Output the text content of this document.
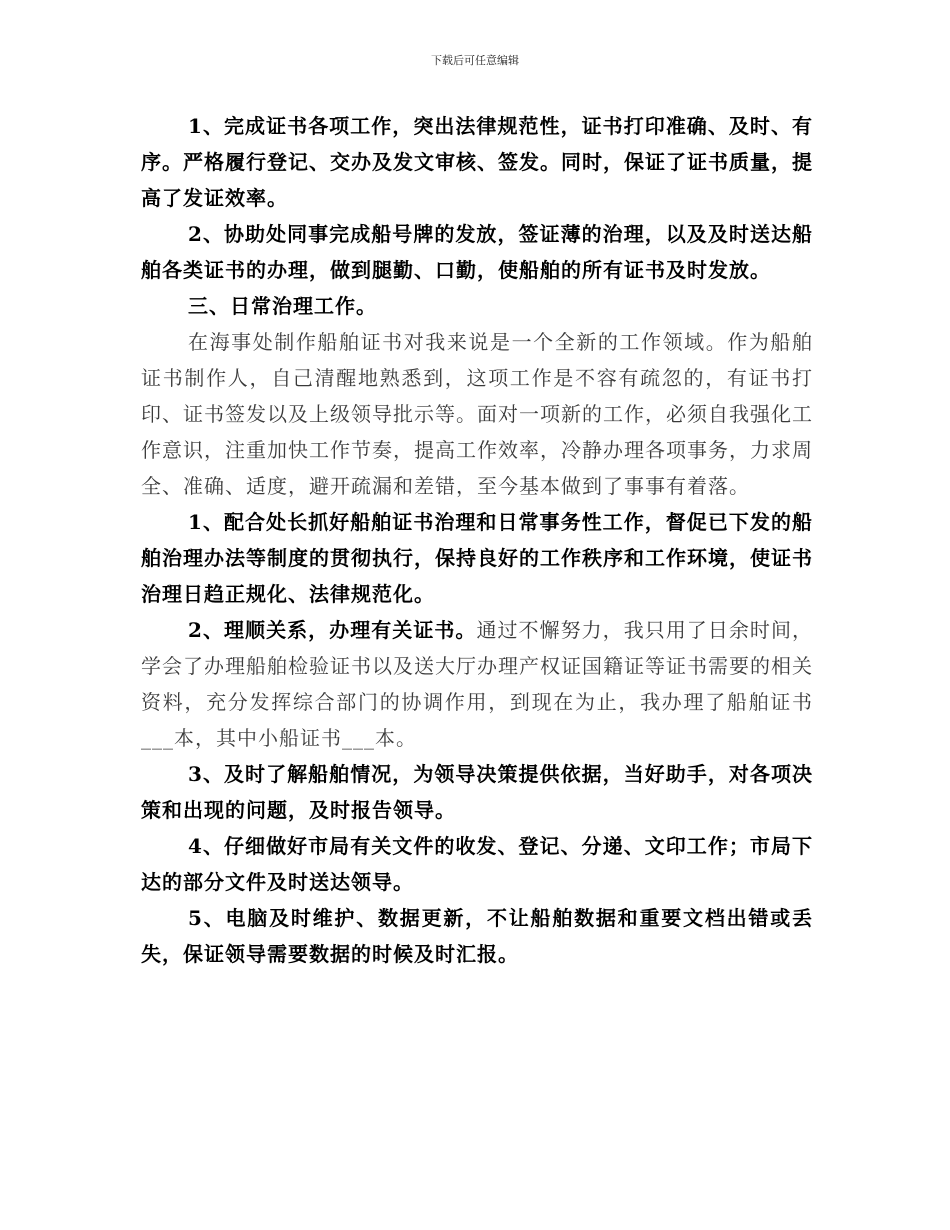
下载后可任意编辑

1、完成证书各项工作，突出法律规范性，证书打印准确、及时、有序。严格履行登记、交办及发文审核、签发。同时，保证了证书质量，提高了发证效率。

2、协助处同事完成船号牌的发放，签证薄的治理，以及及时送达船舶各类证书的办理，做到腿勤、口勤，使船舶的所有证书及时发放。

三、日常治理工作。

在海事处制作船舶证书对我来说是一个全新的工作领域。作为船舶证书制作人，自己清醒地熟悉到，这项工作是不容有疏忽的，有证书打印、证书签发以及上级领导批示等。面对一项新的工作，必须自我强化工作意识，注重加快工作节奏，提高工作效率，冷静办理各项事务，力求周全、准确、适度，避开疏漏和差错，至今基本做到了事事有着落。

1、配合处长抓好船舶证书治理和日常事务性工作，督促已下发的船舶治理办法等制度的贯彻执行，保持良好的工作秩序和工作环境，使证书治理日趋正规化、法律规范化。

2、理顺关系，办理有关证书。通过不懈努力，我只用了日余时间，学会了办理船舶检验证书以及送大厅办理产权证国籍证等证书需要的相关资料，充分发挥综合部门的协调作用，到现在为止，我办理了船舶证书___本，其中小船证书___本。

3、及时了解船舶情况，为领导决策提供依据，当好助手，对各项决策和出现的问题，及时报告领导。

4、仔细做好市局有关文件的收发、登记、分递、文印工作；市局下达的部分文件及时送达领导。

5、电脑及时维护、数据更新，不让船舶数据和重要文档出错或丢失，保证领导需要数据的时候及时汇报。
